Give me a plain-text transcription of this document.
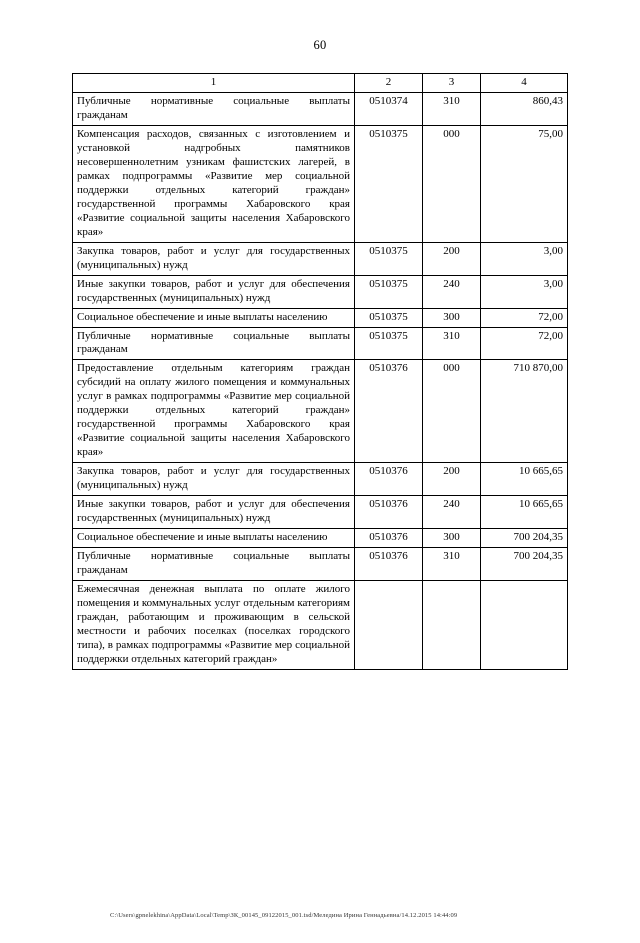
60
1	2	3	4
Публичные нормативные социальные выплаты гражданам	0510374	310	860,43
Компенсация расходов, связанных с изготовлением и установкой надгробных памятников несовершеннолетним узникам фашистских лагерей, в рамках подпрограммы «Развитие мер социальной поддержки отдельных категорий граждан» государственной программы Хабаровского края «Развитие социальной защиты населения Хабаровского края»	0510375	000	75,00
Закупка товаров, работ и услуг для государственных (муниципальных) нужд	0510375	200	3,00
Иные закупки товаров, работ и услуг для обеспечения государственных (муниципальных) нужд	0510375	240	3,00
Социальное обеспечение и иные выплаты населению	0510375	300	72,00
Публичные нормативные социальные выплаты гражданам	0510375	310	72,00
Предоставление отдельным категориям граждан субсидий на оплату жилого помещения и коммунальных услуг в рамках подпрограммы «Развитие мер социальной поддержки отдельных категорий граждан» государственной программы Хабаровского края «Развитие социальной защиты населения Хабаровского края»	0510376	000	710 870,00
Закупка товаров, работ и услуг для государственных (муниципальных) нужд	0510376	200	10 665,65
Иные закупки товаров, работ и услуг для обеспечения государственных (муниципальных) нужд	0510376	240	10 665,65
Социальное обеспечение и иные выплаты населению	0510376	300	700 204,35
Публичные нормативные социальные выплаты гражданам	0510376	310	700 204,35
Ежемесячная денежная выплата по оплате жилого помещения и коммунальных услуг отдельным категориям граждан, работающим и проживающим в сельской местности и рабочих поселках (поселках городского типа), в рамках подпрограммы «Развитие мер социальной поддержки отдельных категорий граждан»			
C:\Users\gpnelekhina\AppData\Local\Temp\ЗК_00145_09122015_001.tsd/Меледина Ирина Геннадьевна/14.12.2015 14:44:09
